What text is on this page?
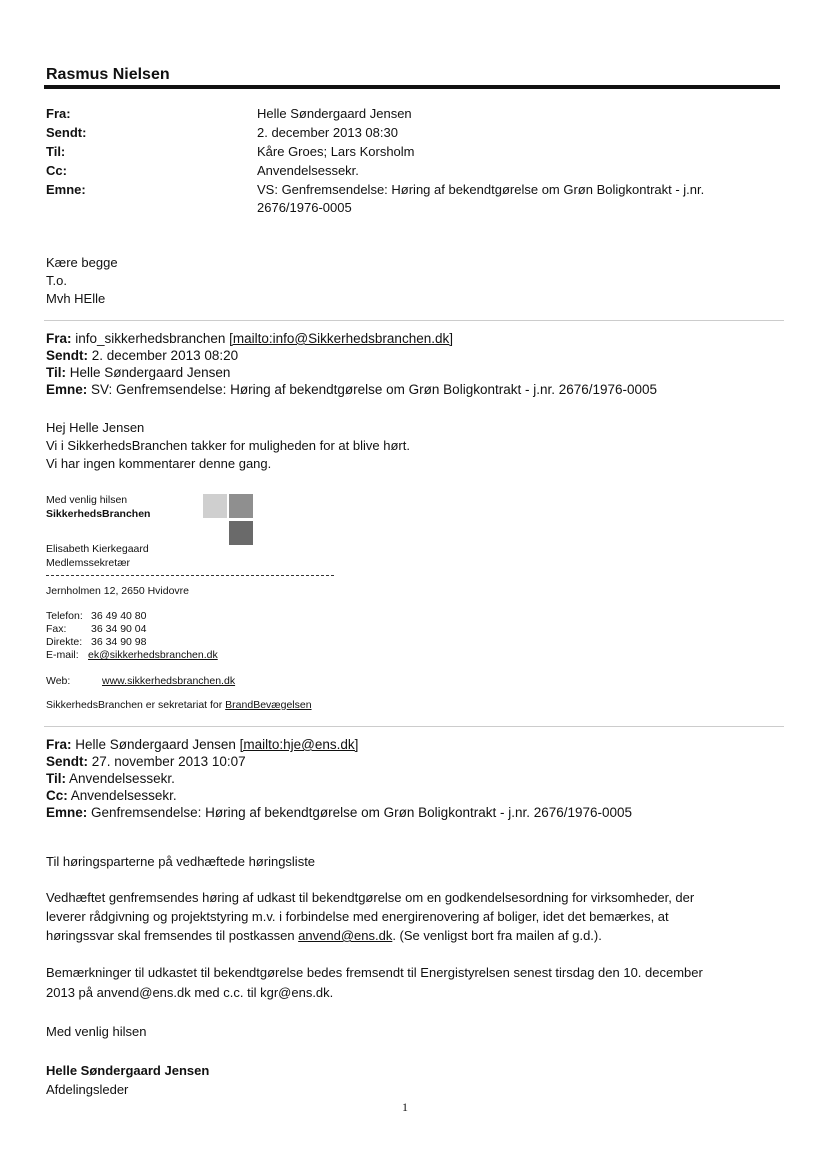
Rasmus Nielsen
Fra:
Sendt:
Til:
Cc:
Emne:
Helle Søndergaard Jensen
2. december 2013 08:30
Kåre Groes; Lars Korsholm
Anvendelsessekr.
VS: Genfremsendelse: Høring af bekendtgørelse om Grøn Boligkontrakt - j.nr.
2676/1976-0005
Kære begge
T.o.
Mvh HElle
Fra: info_sikkerhedsbranchen [mailto:info@Sikkerhedsbranchen.dk]
Sendt: 2. december 2013 08:20
Til: Helle Søndergaard Jensen
Emne: SV: Genfremsendelse: Høring af bekendtgørelse om Grøn Boligkontrakt - j.nr. 2676/1976-0005
Hej Helle Jensen
Vi i SikkerhedsBranchen takker for muligheden for at blive hørt.
Vi har ingen kommentarer denne gang.
Med venlig hilsen
SikkerhedsBranchen
Elisabeth Kierkegaard
Medlemssekretær
Jernholmen 12, 2650 Hvidovre
Telefon: 36 49 40 80
Fax: 36 34 90 04
Direkte: 36 34 90 98
E-mail: ek@sikkerhedsbranchen.dk
Web:	www.sikkerhedsbranchen.dk
SikkerhedsBranchen er sekretariat for BrandBevægelsen
Fra: Helle Søndergaard Jensen [mailto:hje@ens.dk]
Sendt: 27. november 2013 10:07
Til: Anvendelsessekr.
Cc: Anvendelsessekr.
Emne: Genfremsendelse: Høring af bekendtgørelse om Grøn Boligkontrakt - j.nr. 2676/1976-0005
Til høringsparterne på vedhæftede høringsliste
Vedhæftet genfremsendes høring af udkast til bekendtgørelse om en godkendelsesordning for virksomheder, der
leverer rådgivning og projektstyring m.v. i forbindelse med energirenovering af boliger, idet det bemærkes, at
høringssvar skal fremsendes til postkassen anvend@ens.dk. (Se venligst bort fra mailen af g.d.).
Bemærkninger til udkastet til bekendtgørelse bedes fremsendt til Energistyrelsen senest tirsdag den 10. december
2013 på anvend@ens.dk med c.c. til kgr@ens.dk.
Med venlig hilsen
Helle Søndergaard Jensen
Afdelingsleder
1
